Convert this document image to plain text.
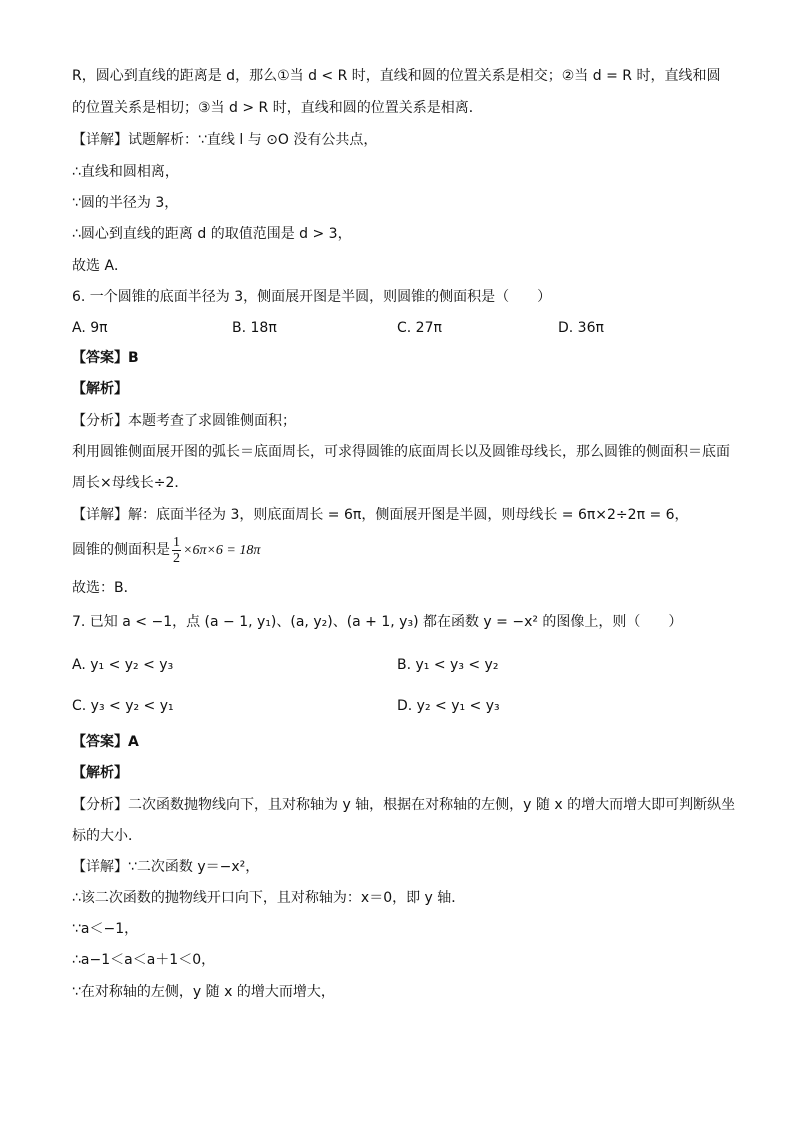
R，圆心到直线的距离是 d，那么①当 d < R 时，直线和圆的位置关系是相交；②当 d = R 时，直线和圆
的位置关系是相切；③当 d > R 时，直线和圆的位置关系是相离．
【详解】试题解析：∵直线 l 与 ⊙O 没有公共点，
∴直线和圆相离，
∵圆的半径为 3，
∴圆心到直线的距离 d 的取值范围是 d > 3，
故选 A．
6. 一个圆锥的底面半径为 3，侧面展开图是半圆，则圆锥的侧面积是（　　）
A. 9π	B. 18π	C. 27π	D. 36π
【答案】B
【解析】
【分析】本题考查了求圆锥侧面积；
利用圆锥侧面展开图的弧长＝底面周长，可求得圆锥的底面周长以及圆锥母线长，那么圆锥的侧面积＝底面
周长×母线长÷2．
【详解】解：底面半径为 3，则底面周长 = 6π，侧面展开图是半圆，则母线长 = 6π×2÷2π = 6，
圆锥的侧面积是 $\frac{1}{2} \times 6\pi\times 6 = 18\pi$
故选：B．
7. 已知 a < −1，点 (a − 1, y₁)、(a, y₂)、(a + 1, y₃) 都在函数 y = −x² 的图像上，则（　　）
A. y₁ < y₂ < y₃	B. y₁ < y₃ < y₂
C. y₃ < y₂ < y₁	D. y₂ < y₁ < y₃
【答案】A
【解析】
【分析】二次函数抛物线向下，且对称轴为 y 轴，根据在对称轴的左侧，y 随 x 的增大而增大即可判断纵坐
标的大小．
【详解】∵二次函数 y＝−x²，
∴该二次函数的抛物线开口向下，且对称轴为：x＝0，即 y 轴．
∵a＜−1，
∴a−1＜a＜a＋1＜0，
∵在对称轴的左侧，y 随 x 的增大而增大，
